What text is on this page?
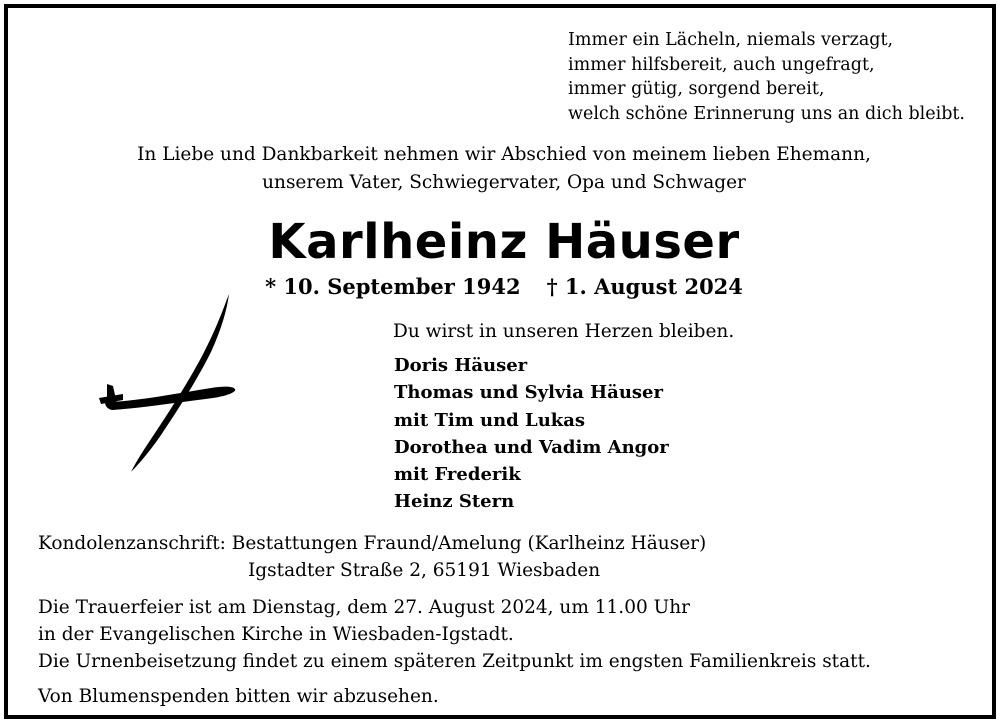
Immer ein Lächeln, niemals verzagt,
immer hilfsbereit, auch ungefragt,
immer gütig, sorgend bereit,
welch schöne Erinnerung uns an dich bleibt.
In Liebe und Dankbarkeit nehmen wir Abschied von meinem lieben Ehemann,
unserem Vater, Schwiegervater, Opa und Schwager
Karlheinz Häuser
* 10. September 1942 † 1. August 2024
Du wirst in unseren Herzen bleiben.
Doris Häuser
Thomas und Sylvia Häuser
mit Tim und Lukas
Dorothea und Vadim Angor
mit Frederik
Heinz Stern
Kondolenzanschrift: Bestattungen Fraund/Amelung (Karlheinz Häuser)
Igstadter Straße 2, 65191 Wiesbaden
Die Trauerfeier ist am Dienstag, dem 27. August 2024, um 11.00 Uhr
in der Evangelischen Kirche in Wiesbaden-Igstadt.
Die Urnenbeisetzung findet zu einem späteren Zeitpunkt im engsten Familienkreis statt.
Von Blumenspenden bitten wir abzusehen.
